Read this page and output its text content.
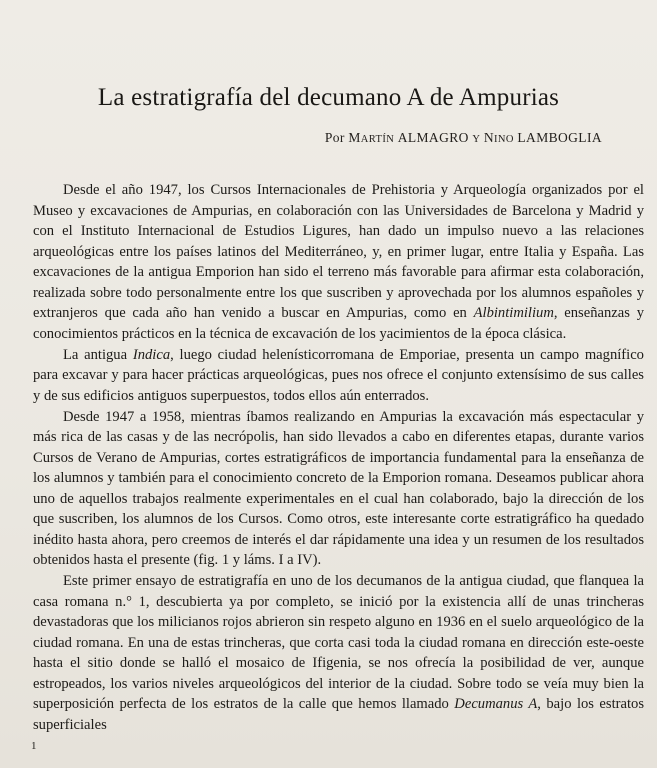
La estratigrafía del decumano A de Ampurias

Por MARTÍN ALMAGRO Y NINO LAMBOGLIA

Desde el año 1947, los Cursos Internacionales de Prehistoria y Arqueología organizados por el Museo y excavaciones de Ampurias, en colaboración con las Universidades de Barcelona y Madrid y con el Instituto Internacional de Estudios Ligures, han dado un impulso nuevo a las relaciones arqueológicas entre los países latinos del Mediterráneo, y, en primer lugar, entre Italia y España. Las excavaciones de la antigua Emporion han sido el terreno más favorable para afirmar esta colaboración, realizada sobre todo personalmente entre los que suscriben y aprovechada por los alumnos españoles y extranjeros que cada año han venido a buscar en Ampurias, como en Albintimilium, enseñanzas y conocimientos prácticos en la técnica de excavación de los yacimientos de la época clásica.

La antigua Indica, luego ciudad helenísticorromana de Emporiae, presenta un campo magnífico para excavar y para hacer prácticas arqueológicas, pues nos ofrece el conjunto extensísimo de sus calles y de sus edificios antiguos superpuestos, todos ellos aún enterrados.

Desde 1947 a 1958, mientras íbamos realizando en Ampurias la excavación más espectacular y más rica de las casas y de las necrópolis, han sido llevados a cabo en diferentes etapas, durante varios Cursos de Verano de Ampurias, cortes estratigráficos de importancia fundamental para la enseñanza de los alumnos y también para el conocimiento concreto de la Emporion romana. Deseamos publicar ahora uno de aquellos trabajos realmente experimentales en el cual han colaborado, bajo la dirección de los que suscriben, los alumnos de los Cursos. Como otros, este interesante corte estratigráfico ha quedado inédito hasta ahora, pero creemos de interés el dar rápidamente una idea y un resumen de los resultados obtenidos hasta el presente (fig. 1 y láms. I a IV).

Este primer ensayo de estratigrafía en uno de los decumanos de la antigua ciudad, que flanquea la casa romana n.° 1, descubierta ya por completo, se inició por la existencia allí de unas trincheras devastadoras que los milicianos rojos abrieron sin respeto alguno en 1936 en el suelo arqueológico de la ciudad romana. En una de estas trincheras, que corta casi toda la ciudad romana en dirección este-oeste hasta el sitio donde se halló el mosaico de Ifigenia, se nos ofrecía la posibilidad de ver, aunque estropeados, los varios niveles arqueológicos del interior de la ciudad. Sobre todo se veía muy bien la superposición perfecta de los estratos de la calle que hemos llamado Decumanus A, bajo los estratos superficiales

1
